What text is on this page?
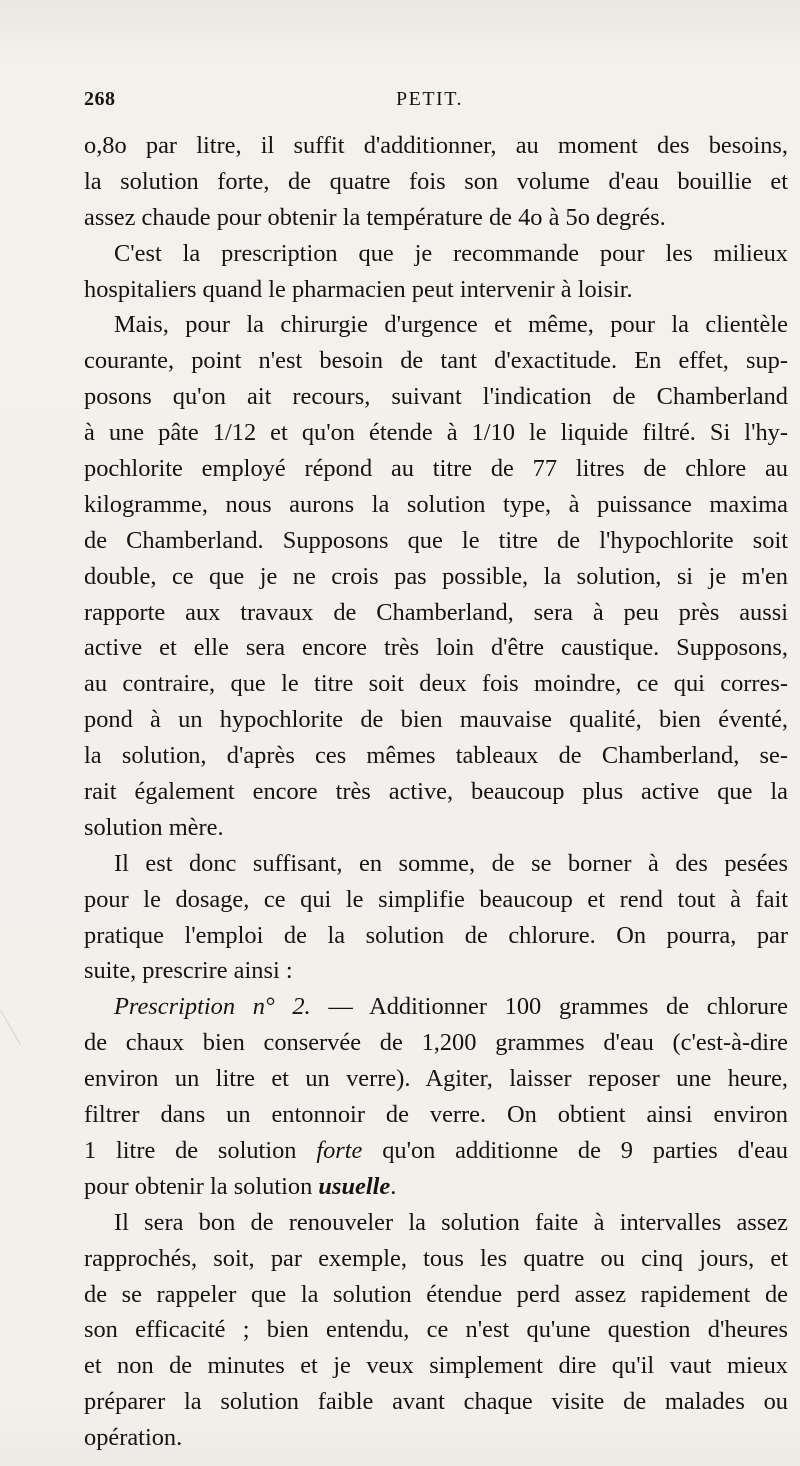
268	PETIT.
o,8o par litre, il suffit d'additionner, au moment des besoins,
la solution forte, de quatre fois son volume d'eau bouillie et
assez chaude pour obtenir la température de 4o à 5o degrés.
C'est la prescription que je recommande pour les milieux
hospitaliers quand le pharmacien peut intervenir à loisir.
Mais, pour la chirurgie d'urgence et même, pour la clientèle
courante, point n'est besoin de tant d'exactitude. En effet, sup-
posons qu'on ait recours, suivant l'indication de Chamberland
à une pâte 1/12 et qu'on étende à 1/10 le liquide filtré. Si l'hy-
pochlorite employé répond au titre de 77 litres de chlore au
kilogramme, nous aurons la solution type, à puissance maxima
de Chamberland. Supposons que le titre de l'hypochlorite soit
double, ce que je ne crois pas possible, la solution, si je m'en
rapporte aux travaux de Chamberland, sera à peu près aussi
active et elle sera encore très loin d'être caustique. Supposons,
au contraire, que le titre soit deux fois moindre, ce qui corres-
pond à un hypochlorite de bien mauvaise qualité, bien éventé,
la solution, d'après ces mêmes tableaux de Chamberland, se-
rait également encore très active, beaucoup plus active que la
solution mère.
Il est donc suffisant, en somme, de se borner à des pesées
pour le dosage, ce qui le simplifie beaucoup et rend tout à fait
pratique l'emploi de la solution de chlorure. On pourra, par
suite, prescrire ainsi :
Prescription n° 2. — Additionner 100 grammes de chlorure
de chaux bien conservée de 1,200 grammes d'eau (c'est-à-dire
environ un litre et un verre). Agiter, laisser reposer une heure,
filtrer dans un entonnoir de verre. On obtient ainsi environ
1 litre de solution forte qu'on additionne de 9 parties d'eau
pour obtenir la solution usuelle.
Il sera bon de renouveler la solution faite à intervalles assez
rapprochés, soit, par exemple, tous les quatre ou cinq jours, et
de se rappeler que la solution étendue perd assez rapidement de
son efficacité ; bien entendu, ce n'est qu'une question d'heures
et non de minutes et je veux simplement dire qu'il vaut mieux
préparer la solution faible avant chaque visite de malades ou
opération.
